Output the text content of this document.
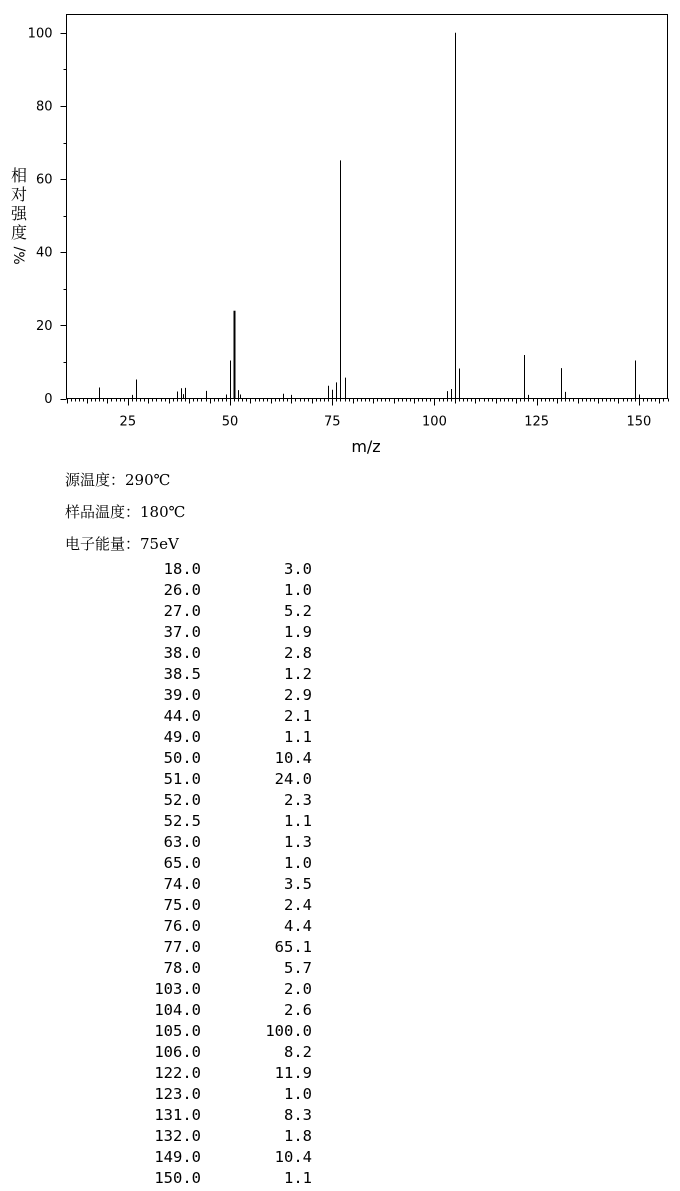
25	50	75	100	125	150
0
20
40
60
80
100
相
对
强
度
/
%
m/z
源温度：290℃
样品温度：180℃
电子能量：75eV
18.0	3.0
26.0	1.0
27.0	5.2
37.0	1.9
38.0	2.8
38.5	1.2
39.0	2.9
44.0	2.1
49.0	1.1
50.0	10.4
51.0	24.0
52.0	2.3
52.5	1.1
63.0	1.3
65.0	1.0
74.0	3.5
75.0	2.4
76.0	4.4
77.0	65.1
78.0	5.7
103.0	2.0
104.0	2.6
105.0	100.0
106.0	8.2
122.0	11.9
123.0	1.0
131.0	8.3
132.0	1.8
149.0	10.4
150.0	1.1
